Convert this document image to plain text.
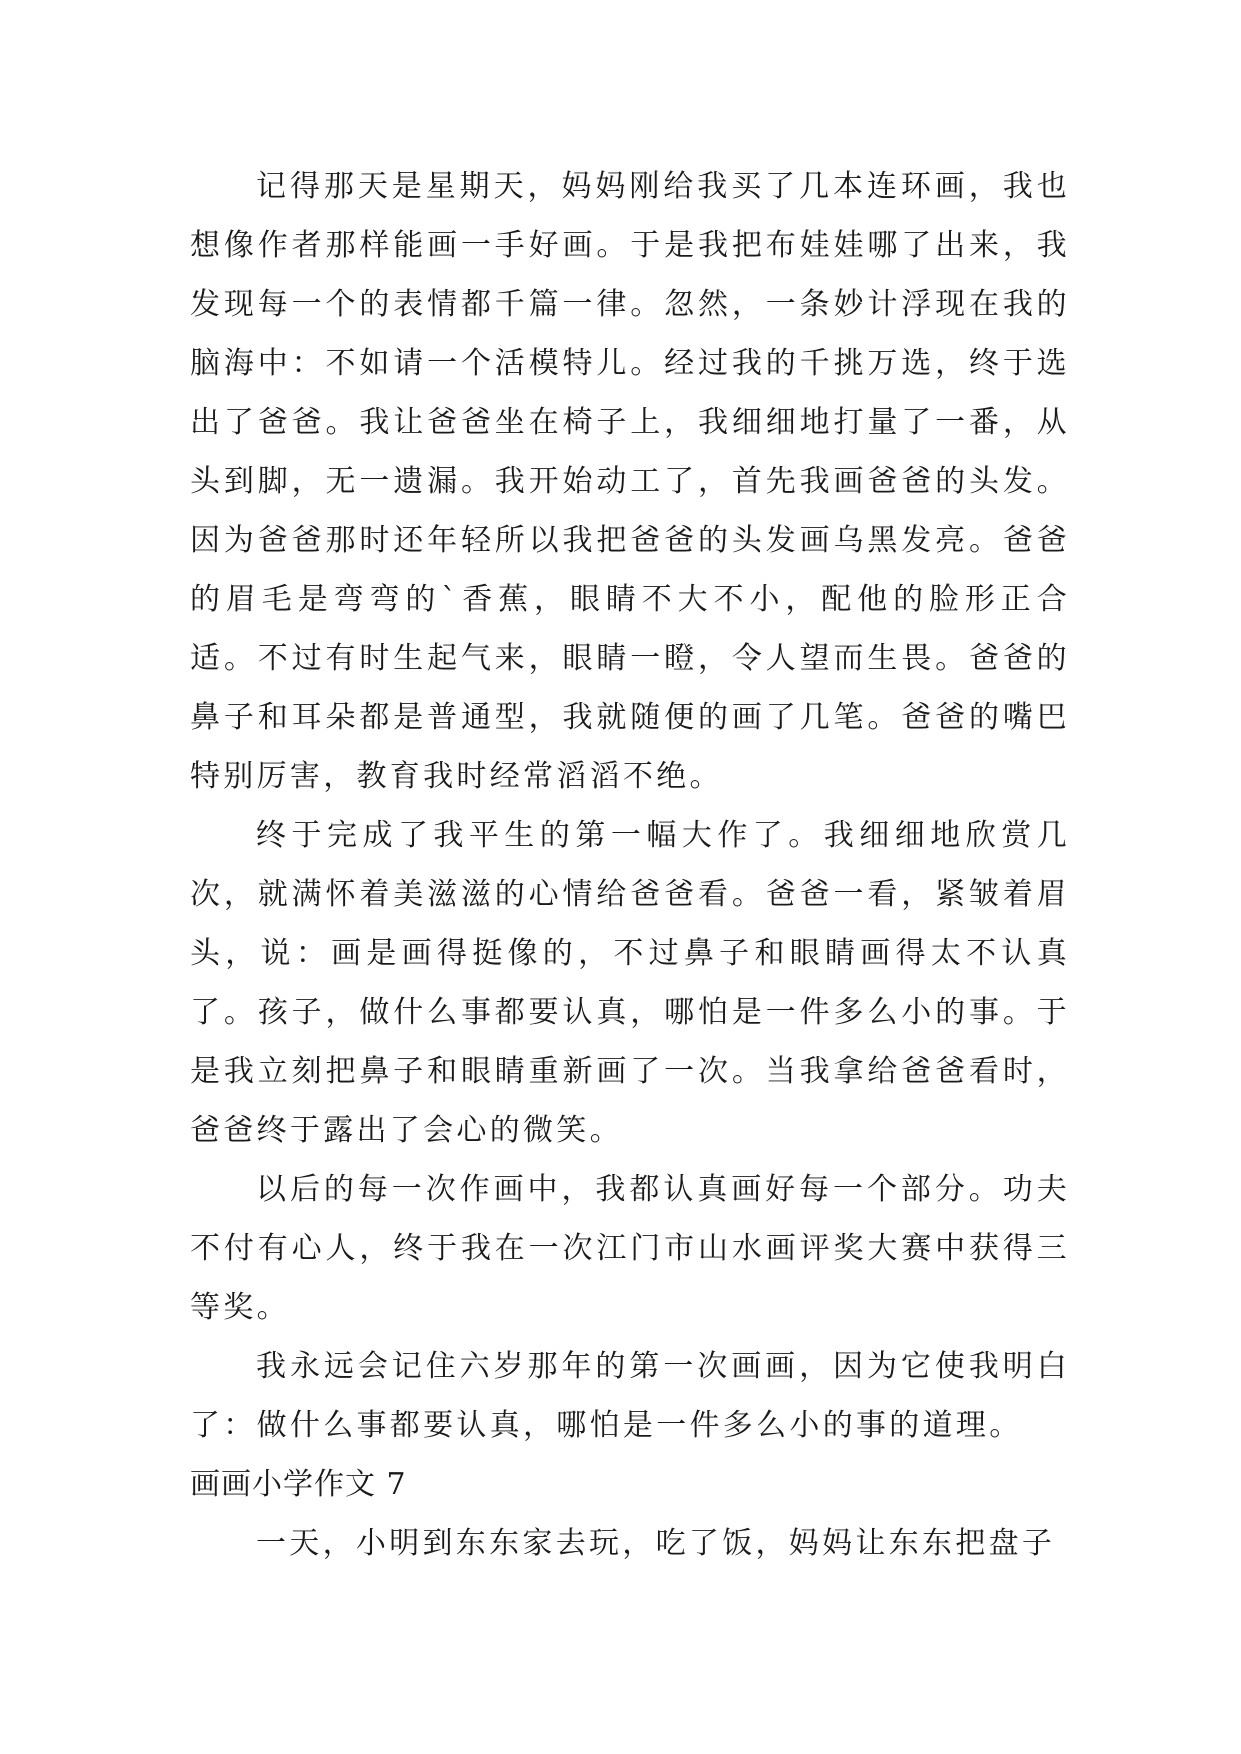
记得那天是星期天，妈妈刚给我买了几本连环画，我也想像作者那样能画一手好画。于是我把布娃娃哪了出来，我发现每一个的表情都千篇一律。忽然，一条妙计浮现在我的脑海中：不如请一个活模特儿。经过我的千挑万选，终于选出了爸爸。我让爸爸坐在椅子上，我细细地打量了一番，从头到脚，无一遗漏。我开始动工了，首先我画爸爸的头发。因为爸爸那时还年轻所以我把爸爸的头发画乌黑发亮。爸爸的眉毛是弯弯的`香蕉，眼睛不大不小，配他的脸形正合适。不过有时生起气来，眼睛一瞪，令人望而生畏。爸爸的鼻子和耳朵都是普通型，我就随便的画了几笔。爸爸的嘴巴特别厉害，教育我时经常滔滔不绝。

终于完成了我平生的第一幅大作了。我细细地欣赏几次，就满怀着美滋滋的心情给爸爸看。爸爸一看，紧皱着眉头，说：画是画得挺像的，不过鼻子和眼睛画得太不认真了。孩子，做什么事都要认真，哪怕是一件多么小的事。于是我立刻把鼻子和眼睛重新画了一次。当我拿给爸爸看时，爸爸终于露出了会心的微笑。

以后的每一次作画中，我都认真画好每一个部分。功夫不付有心人，终于我在一次江门市山水画评奖大赛中获得三等奖。

我永远会记住六岁那年的第一次画画，因为它使我明白了：做什么事都要认真，哪怕是一件多么小的事的道理。

画画小学作文 7

一天，小明到东东家去玩，吃了饭，妈妈让东东把盘子
